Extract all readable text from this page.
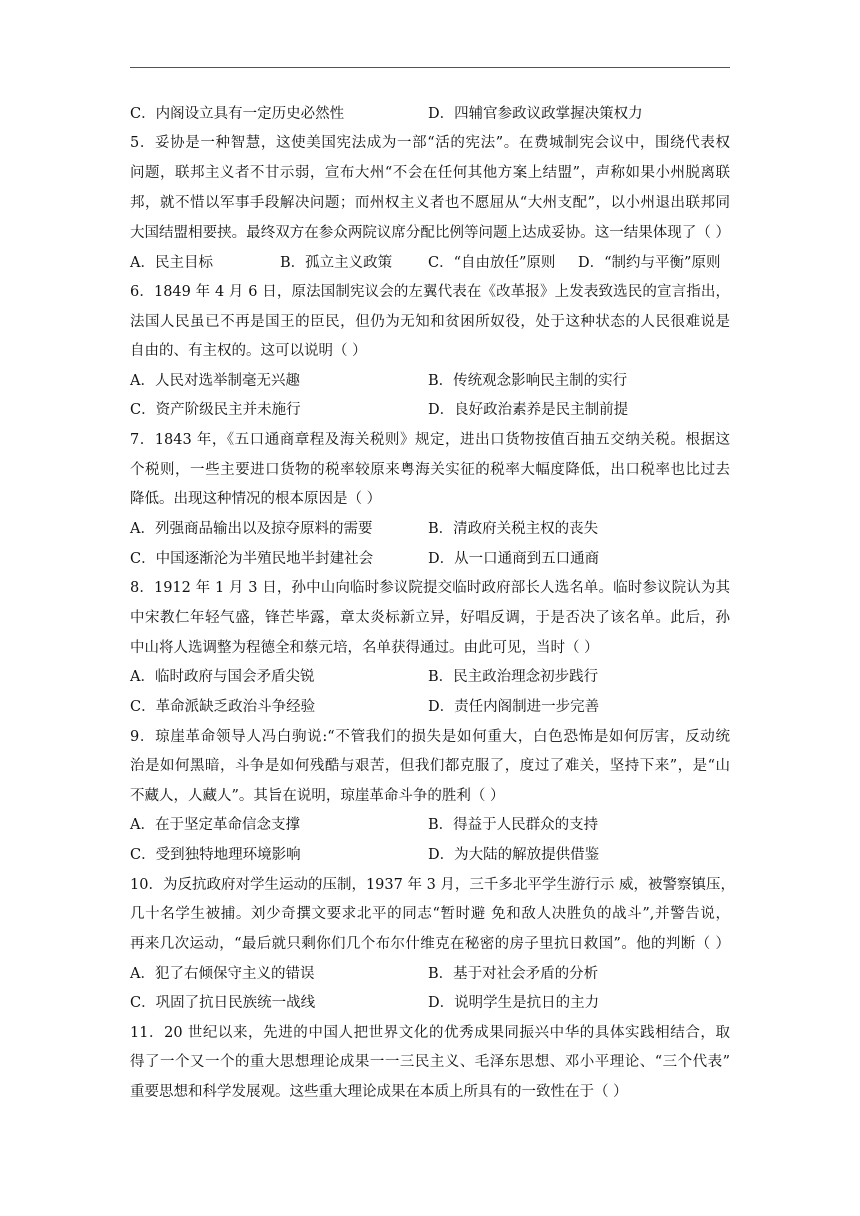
C．内阁设立具有一定历史必然性	D．四辅官参政议政掌握决策权力
5．妥协是一种智慧，这使美国宪法成为一部“活的宪法”。在费城制宪会议中，围绕代表权
问题，联邦主义者不甘示弱，宣布大州“不会在任何其他方案上结盟”，声称如果小州脱离联
邦，就不惜以军事手段解决问题；而州权主义者也不愿屈从“大州支配”，以小州退出联邦同
大国结盟相要挟。最终双方在参众两院议席分配比例等问题上达成妥协。这一结果体现了（ ）
A．民主目标	B．孤立主义政策 C．“自由放任”原则 D．“制约与平衡”原则
6．1849 年 4 月 6 日，原法国制宪议会的左翼代表在《改革报》上发表致选民的宣言指出，
法国人民虽已不再是国王的臣民，但仍为无知和贫困所奴役，处于这种状态的人民很难说是
自由的、有主权的。这可以说明（ ）
A．人民对选举制毫无兴趣	B．传统观念影响民主制的实行
C．资产阶级民主并未施行	D．良好政治素养是民主制前提
7．1843 年，《五口通商章程及海关税则》规定，进出口货物按值百抽五交纳关税。根据这
个税则，一些主要进口货物的税率较原来粤海关实征的税率大幅度降低，出口税率也比过去
降低。出现这种情况的根本原因是（ ）
A．列强商品输出以及掠夺原料的需要	B．清政府关税主权的丧失
C．中国逐渐沦为半殖民地半封建社会	D．从一口通商到五口通商
8．1912 年 1 月 3 日，孙中山向临时参议院提交临时政府部长人选名单。临时参议院认为其
中宋教仁年轻气盛，锋芒毕露，章太炎标新立异，好唱反调，于是否决了该名单。此后，孙
中山将人选调整为程德全和蔡元培，名单获得通过。由此可见，当时（ ）
A．临时政府与国会矛盾尖锐	B．民主政治理念初步践行
C．革命派缺乏政治斗争经验	D．责任内阁制进一步完善
9．琼崖革命领导人冯白驹说:“不管我们的损失是如何重大，白色恐怖是如何厉害，反动统
治是如何黑暗，斗争是如何残酷与艰苦，但我们都克服了，度过了难关，坚持下来”，是“山
不藏人，人藏人”。其旨在说明，琼崖革命斗争的胜利（ ）
A．在于坚定革命信念支撑	B．得益于人民群众的支持
C．受到独特地理环境影响	D．为大陆的解放提供借鉴
10．为反抗政府对学生运动的压制，1937 年 3 月，三千多北平学生游行示 威，被警察镇压，
几十名学生被捕。刘少奇撰文要求北平的同志“暂时避 免和敌人决胜负的战斗”,并警告说，
再来几次运动，“最后就只剩你们几个布尔什维克在秘密的房子里抗日救国”。他的判断（ ）
A．犯了右倾保守主义的错误	B．基于对社会矛盾的分析
C．巩固了抗日民族统一战线	D．说明学生是抗日的主力
11．20 世纪以来，先进的中国人把世界文化的优秀成果同振兴中华的具体实践相结合，取
得了一个又一个的重大思想理论成果一一三民主义、毛泽东思想、邓小平理论、“三个代表”
重要思想和科学发展观。这些重大理论成果在本质上所具有的一致性在于（ ）
